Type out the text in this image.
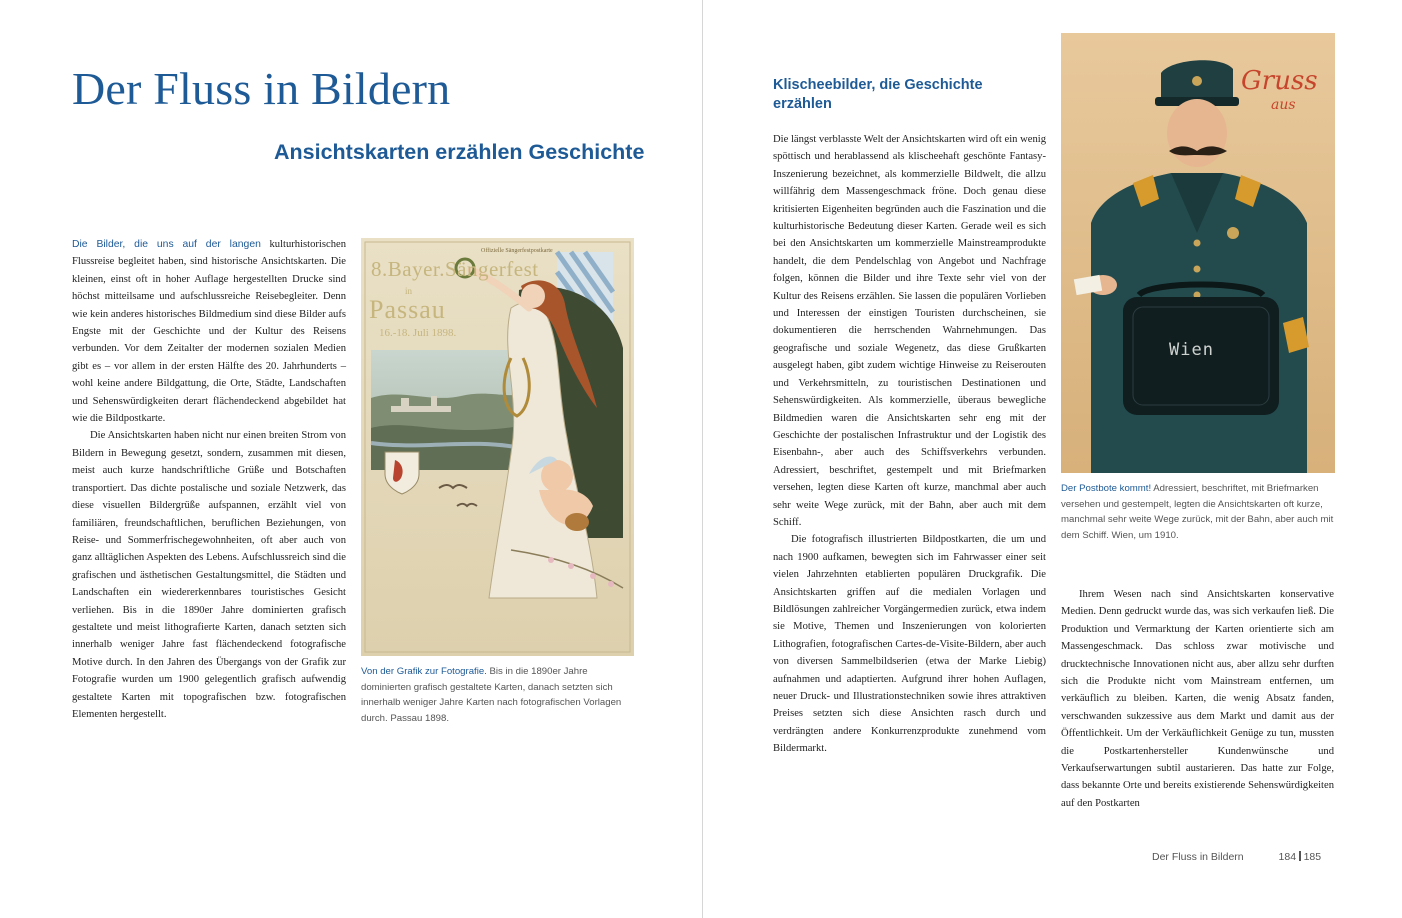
Der Fluss in Bildern
Ansichtskarten erzählen Geschichte

Die Bilder, die uns auf der langen kulturhistorischen Flussreise begleitet haben, sind historische Ansichtskarten. Die kleinen, einst oft in hoher Auflage hergestellten Drucke sind höchst mitteilsame und aufschlussreiche Reisebegleiter. Denn wie kein anderes historisches Bildmedium sind diese Bilder aufs Engste mit der Geschichte und der Kultur des Reisens verbunden. Vor dem Zeitalter der modernen sozialen Medien gibt es – vor allem in der ersten Hälfte des 20. Jahrhunderts – wohl keine andere Bildgattung, die Orte, Städte, Landschaften und Sehenswürdigkeiten derart flächendeckend abgebildet hat wie die Bildpostkarte.

Die Ansichtskarten haben nicht nur einen breiten Strom von Bildern in Bewegung gesetzt, sondern, zusammen mit diesen, meist auch kurze handschriftliche Grüße und Botschaften transportiert. Das dichte postalische und soziale Netzwerk, das diese visuellen Bildergrüße aufspannen, erzählt viel von familiären, freundschaftlichen, beruflichen Beziehungen, von Reise- und Sommerfrischegewohnheiten, oft aber auch von ganz alltäglichen Aspekten des Lebens. Aufschlussreich sind die grafischen und ästhetischen Gestaltungsmittel, die Städten und Landschaften ein wiedererkennbares touristisches Gesicht verliehen. Bis in die 1890er Jahre dominierten grafisch gestaltete und meist lithografierte Karten, danach setzten sich innerhalb weniger Jahre fast flächendeckend fotografische Motive durch. In den Jahren des Übergangs von der Grafik zur Fotografie wurden um 1900 gelegentlich grafisch aufwendig gestaltete Karten mit topografischen bzw. fotografischen Elementen hergestellt.

Offizielle Sängerfestpostkarte
8.Bayer.Sängerfest
in
Passau
16.-18. Juli 1898.
Von der Grafik zur Fotografie. Bis in die 1890er Jahre dominierten grafisch gestaltete Karten, danach setzten sich innerhalb weniger Jahre Karten nach fotografischen Vorlagen durch. Passau 1898.
Klischeebilder, die Geschichte erzählen

Die längst verblasste Welt der Ansichtskarten wird oft ein wenig spöttisch und herablassend als klischeehaft geschönte Fantasy-Inszenierung bezeichnet, als kommerzielle Bildwelt, die allzu willfährig dem Massengeschmack fröne. Doch genau diese kritisierten Eigenheiten begründen auch die Faszination und die kulturhistorische Bedeutung dieser Karten. Gerade weil es sich bei den Ansichtskarten um kommerzielle Mainstreamprodukte handelt, die dem Pendelschlag von Angebot und Nachfrage folgen, können die Bilder und ihre Texte sehr viel von der Kultur des Reisens erzählen. Sie lassen die populären Vorlieben und Interessen der einstigen Touristen durchscheinen, sie dokumentieren die herrschenden Wahrnehmungen. Das geografische und soziale Wegenetz, das diese Grußkarten ausgelegt haben, gibt zudem wichtige Hinweise zu Reiserouten und Verkehrsmitteln, zu touristischen Destinationen und Sehenswürdigkeiten. Als kommerzielle, überaus bewegliche Bildmedien waren die Ansichtskarten sehr eng mit der Geschichte der postalischen Infrastruktur und der Logistik des Eisenbahn-, aber auch des Schiffsverkehrs verbunden. Adressiert, beschriftet, gestempelt und mit Briefmarken versehen, legten diese Karten oft kurze, manchmal aber auch sehr weite Wege zurück, mit der Bahn, aber auch mit dem Schiff.

Die fotografisch illustrierten Bildpostkarten, die um und nach 1900 aufkamen, bewegten sich im Fahrwasser einer seit vielen Jahrzehnten etablierten populären Druckgrafik. Die Ansichtskarten griffen auf die medialen Vorlagen und Bildlösungen zahlreicher Vorgängermedien zurück, etwa indem sie Motive, Themen und Inszenierungen von kolorierten Lithografien, fotografischen Cartes-de-Visite-Bildern, aber auch von diversen Sammelbildserien (etwa der Marke Liebig) aufnahmen und adaptierten. Aufgrund ihrer hohen Auflagen, neuer Druck- und Illustrationstechniken sowie ihres attraktiven Preises setzten sich diese Ansichten rasch durch und verdrängten andere Konkurrenzprodukte zunehmend vom Bildermarkt.

Wien
Gruss
aus
Der Postbote kommt! Adressiert, beschriftet, mit Briefmarken versehen und gestempelt, legten die Ansichtskarten oft kurze, manchmal sehr weite Wege zurück, mit der Bahn, aber auch mit dem Schiff. Wien, um 1910.

Ihrem Wesen nach sind Ansichtskarten konservative Medien. Denn gedruckt wurde das, was sich verkaufen ließ. Die Produktion und Vermarktung der Karten orientierte sich am Massengeschmack. Das schloss zwar motivische und drucktechnische Innovationen nicht aus, aber allzu sehr durften sich die Produkte nicht vom Mainstream entfernen, um verkäuflich zu bleiben. Karten, die wenig Absatz fanden, verschwanden sukzessive aus dem Markt und damit aus der Öffentlichkeit. Um der Verkäuflichkeit Genüge zu tun, mussten die Postkartenhersteller Kundenwünsche und Verkaufserwartungen subtil austarieren. Das hatte zur Folge, dass bekannte Orte und bereits existierende Sehenswürdigkeiten auf den Postkarten

Der Fluss in Bildern	184 185
